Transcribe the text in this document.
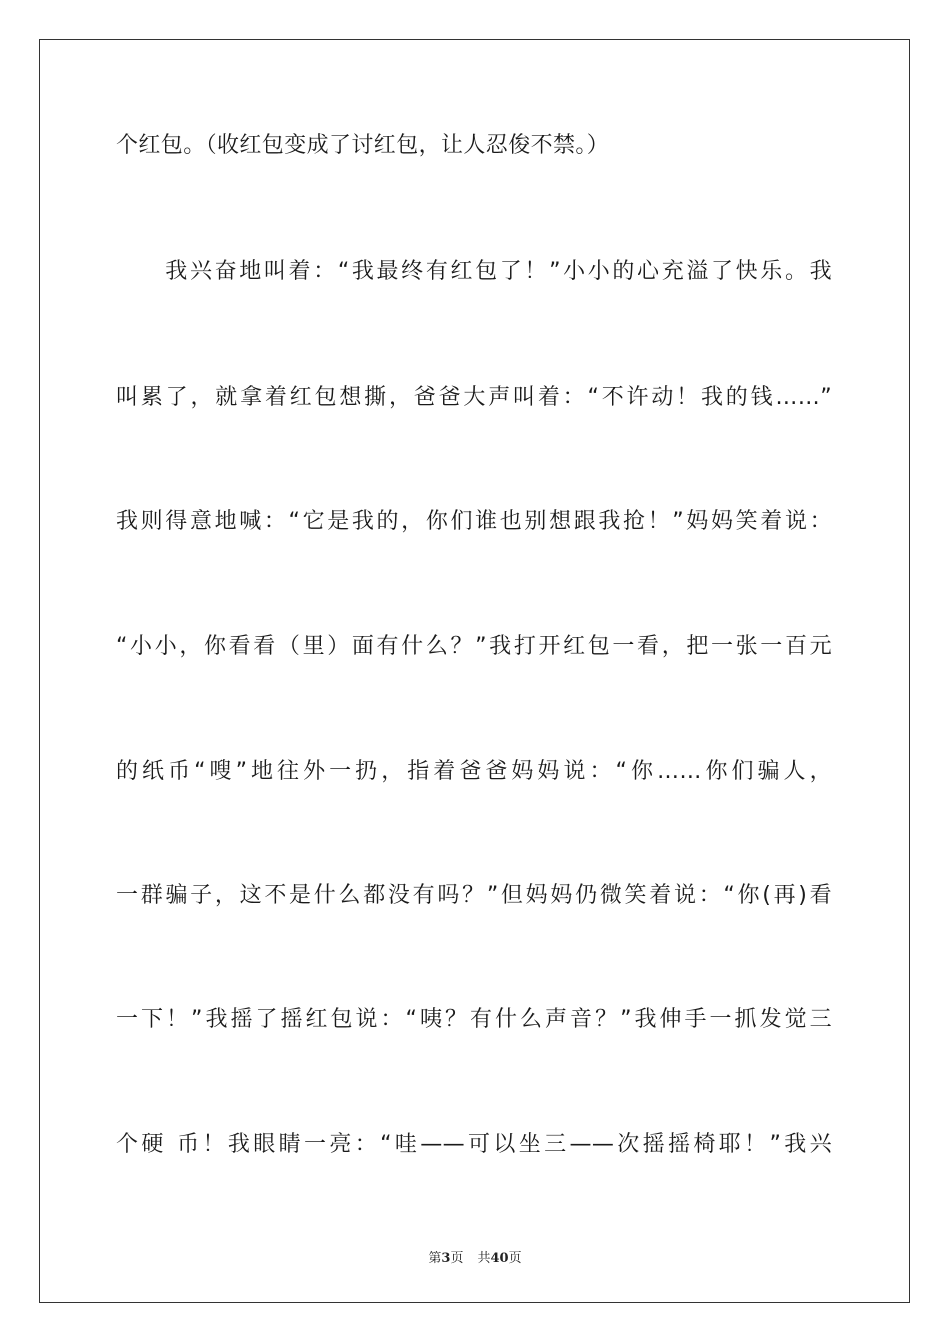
个红包。（收红包变成了讨红包，让人忍俊不禁。）
　　我兴奋地叫着：“我最终有红包了！”小小的心充溢了快乐。我
叫累了，就拿着红包想撕，爸爸大声叫着：“不许动！我的钱……”
我则得意地喊：“它是我的，你们谁也别想跟我抢！”妈妈笑着说：
“小小，你看看（里）面有什么？”我打开红包一看，把一张一百元
的纸币“嗖”地往外一扔，指着爸爸妈妈说：“你……你们骗人，
一群骗子，这不是什么都没有吗？”但妈妈仍微笑着说：“你(再)看
一下！”我摇了摇红包说：“咦？有什么声音？”我伸手一抓发觉三
个硬 币！我眼睛一亮：“哇——可以坐三——次摇摇椅耶！”我兴
第3页 共40页
